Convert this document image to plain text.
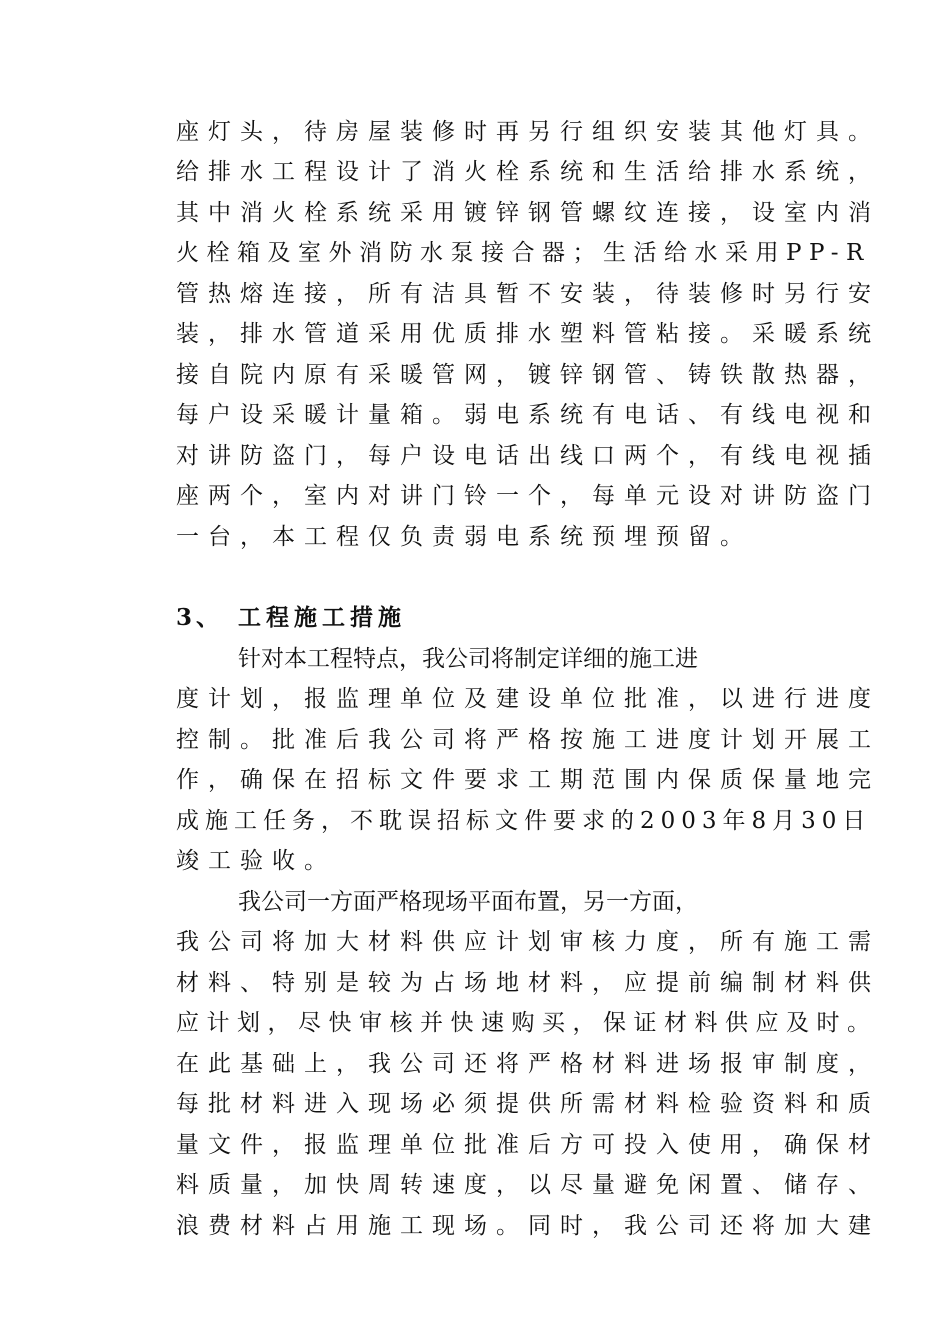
座灯头，待房屋装修时再另行组织安装其他灯具。
给排水工程设计了消火栓系统和生活给排水系统，
其中消火栓系统采用镀锌钢管螺纹连接，设室内消
火栓箱及室外消防水泵接合器；生活给水采用PP-R
管热熔连接，所有洁具暂不安装，待装修时另行安
装，排水管道采用优质排水塑料管粘接。采暖系统
接自院内原有采暖管网，镀锌钢管、铸铁散热器，
每户设采暖计量箱。弱电系统有电话、有线电视和
对讲防盗门，每户设电话出线口两个，有线电视插
座两个，室内对讲门铃一个，每单元设对讲防盗门
一台，本工程仅负责弱电系统预埋预留。
3、 工程施工措施
针对本工程特点，我公司将制定详细的施工进
度计划，报监理单位及建设单位批准，以进行进度
控制。批准后我公司将严格按施工进度计划开展工
作，确保在招标文件要求工期范围内保质保量地完
成施工任务，不耽误招标文件要求的2003年8月30日
竣工验收。
我公司一方面严格现场平面布置，另一方面，
我公司将加大材料供应计划审核力度，所有施工需
材料、特别是较为占场地材料，应提前编制材料供
应计划，尽快审核并快速购买，保证材料供应及时。
在此基础上，我公司还将严格材料进场报审制度，
每批材料进入现场必须提供所需材料检验资料和质
量文件，报监理单位批准后方可投入使用，确保材
料质量，加快周转速度，以尽量避免闲置、储存、
浪费材料占用施工现场。同时，我公司还将加大建
